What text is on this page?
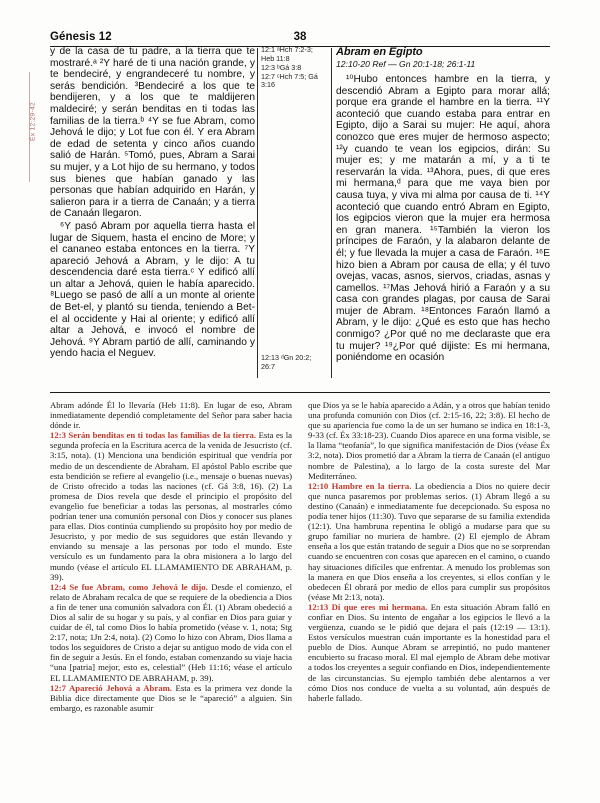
Génesis 12	38
Éx 12:29-42

y de la casa de tu padre, a la tierra que te mostraré.ᵃ ²Y haré de ti una nación grande, y te bendeciré, y engrandeceré tu nombre, y serás bendición. ³Bendeciré a los que te bendijeren, y a los que te maldijeren maldeciré; y serán benditas en ti todas las familias de la tierra.ᵇ ⁴Y se fue Abram, como Jehová le dijo; y Lot fue con él. Y era Abram de edad de setenta y cinco años cuando salió de Harán. ⁵Tomó, pues, Abram a Sarai su mujer, y a Lot hijo de su hermano, y todos sus bienes que habían ganado y las personas que habían adquirido en Harán, y salieron para ir a tierra de Canaán; y a tierra de Canaán llegaron.

⁶Y pasó Abram por aquella tierra hasta el lugar de Siquem, hasta el encino de More; y el cananeo estaba entonces en la tierra. ⁷Y apareció Jehová a Abram, y le dijo: A tu descendencia daré esta tierra.ᶜ Y edificó allí un altar a Jehová, quien le había aparecido. ⁸Luego se pasó de allí a un monte al oriente de Bet-el, y plantó su tienda, teniendo a Bet-el al occidente y Hai al oriente; y edificó allí altar a Jehová, e invocó el nombre de Jehová. ⁹Y Abram partió de allí, caminando y yendo hacia el Neguev.

12:1 ᵃHch 7:2-3; Heb 11:8

12:3 ᵇGá 3:8

12:7 ᶜHch 7:5; Gá 3:16

12:13 ᵈGn 20:2; 26:7

Abram en Egipto

12:10-20 Ref — Gn 20:1-18; 26:1-11

¹⁰Hubo entonces hambre en la tierra, y descendió Abram a Egipto para morar allá; porque era grande el hambre en la tierra. ¹¹Y aconteció que cuando estaba para entrar en Egipto, dijo a Sarai su mujer: He aquí, ahora conozco que eres mujer de hermoso aspecto; ¹²y cuando te vean los egipcios, dirán: Su mujer es; y me matarán a mí, y a ti te reservarán la vida. ¹³Ahora, pues, di que eres mi hermana,ᵈ para que me vaya bien por causa tuya, y viva mi alma por causa de ti. ¹⁴Y aconteció que cuando entró Abram en Egipto, los egipcios vieron que la mujer era hermosa en gran manera. ¹⁵También la vieron los príncipes de Faraón, y la alabaron delante de él; y fue llevada la mujer a casa de Faraón. ¹⁶E hizo bien a Abram por causa de ella; y él tuvo ovejas, vacas, asnos, siervos, criadas, asnas y camellos. ¹⁷Mas Jehová hirió a Faraón y a su casa con grandes plagas, por causa de Sarai mujer de Abram. ¹⁸Entonces Faraón llamó a Abram, y le dijo: ¿Qué es esto que has hecho conmigo? ¿Por qué no me declaraste que era tu mujer? ¹⁹¿Por qué dijiste: Es mi hermana, poniéndome en ocasión

Abram adónde Él lo llevaría (Heb 11:8). En lugar de eso, Abram inmediatamente dependió completamente del Señor para saber hacia dónde ir.

12:3 Serán benditas en ti todas las familias de la tierra. Esta es la segunda profecía en la Escritura acerca de la venida de Jesucristo (cf. 3:15, nota). (1) Menciona una bendición espiritual que vendría por medio de un descendiente de Abraham. El apóstol Pablo escribe que esta bendición se refiere al evangelio (i.e., mensaje o buenas nuevas) de Cristo ofrecido a todas las naciones (cf. Gá 3:8, 16). (2) La promesa de Dios revela que desde el principio el propósito del evangelio fue beneficiar a todas las personas, al mostrarles cómo podrían tener una comunión personal con Dios y conocer sus planes para ellas. Dios continúa cumpliendo su propósito hoy por medio de Jesucristo, y por medio de sus seguidores que están llevando y enviando su mensaje a las personas por todo el mundo. Este versículo es un fundamento para la obra misionera a lo largo del mundo (véase el artículo EL LLAMAMIENTO DE ABRAHAM, p. 39).

12:4 Se fue Abram, como Jehová le dijo. Desde el comienzo, el relato de Abraham recalca de que se requiere de la obediencia a Dios a fin de tener una comunión salvadora con Él. (1) Abram obedeció a Dios al salir de su hogar y su país, y al confiar en Dios para guiar y cuidar de él, tal como Dios lo había prometido (véase v. 1, nota; Stg 2:17, nota; 1Jn 2:4, nota). (2) Como lo hizo con Abram, Dios llama a todos los seguidores de Cristo a dejar su antiguo modo de vida con el fin de seguir a Jesús. En el fondo, estaban comenzando su viaje hacia “una [patria] mejor, esto es, celestial” (Heb 11:16; véase el artículo EL LLAMAMIENTO DE ABRAHAM, p. 39).

12:7 Apareció Jehová a Abram. Esta es la primera vez donde la Biblia dice directamente que Dios se le “apareció” a alguien. Sin embargo, es razonable asumir

que Dios ya se le había aparecido a Adán, y a otros que habían tenido una profunda comunión con Dios (cf. 2:15-16, 22; 3:8). El hecho de que su apariencia fue como la de un ser humano se indica en 18:1-3, 9-33 (cf. Éx 33:18-23). Cuando Dios aparece en una forma visible, se la llama “teofanía”, lo que significa manifestación de Dios (véase Éx 3:2, nota). Dios prometió dar a Abram la tierra de Canaán (el antiguo nombre de Palestina), a lo largo de la costa sureste del Mar Mediterráneo.

12:10 Hambre en la tierra. La obediencia a Dios no quiere decir que nunca pasaremos por problemas serios. (1) Abram llegó a su destino (Canaán) e inmediatamente fue decepcionado. Su esposa no podía tener hijos (11:30). Tuvo que separarse de su familia extendida (12:1). Una hambruna repentina le obligó a mudarse para que su grupo familiar no muriera de hambre. (2) El ejemplo de Abram enseña a los que están tratando de seguir a Dios que no se sorprendan cuando se encuentren con cosas que aparecen en el camino, o cuando hay situaciones difíciles que enfrentar. A menudo los problemas son la manera en que Dios enseña a los creyentes, si ellos confían y le obedecen Él obrará por medio de ellos para cumplir sus propósitos (véase Mt 2:13, nota).

12:13 Di que eres mi hermana. En esta situación Abram falló en confiar en Dios. Su intento de engañar a los egipcios le llevó a la vergüenza, cuando se le pidió que dejara el país (12:19 — 13:1). Estos versículos muestran cuán importante es la honestidad para el pueblo de Dios. Aunque Abram se arrepintió, no pudo mantener encubierto su fracaso moral. El mal ejemplo de Abram debe motivar a todos los creyentes a seguir confiando en Dios, independientemente de las circunstancias. Su ejemplo también debe alentarnos a ver cómo Dios nos conduce de vuelta a su voluntad, aún después de haberle fallado.
